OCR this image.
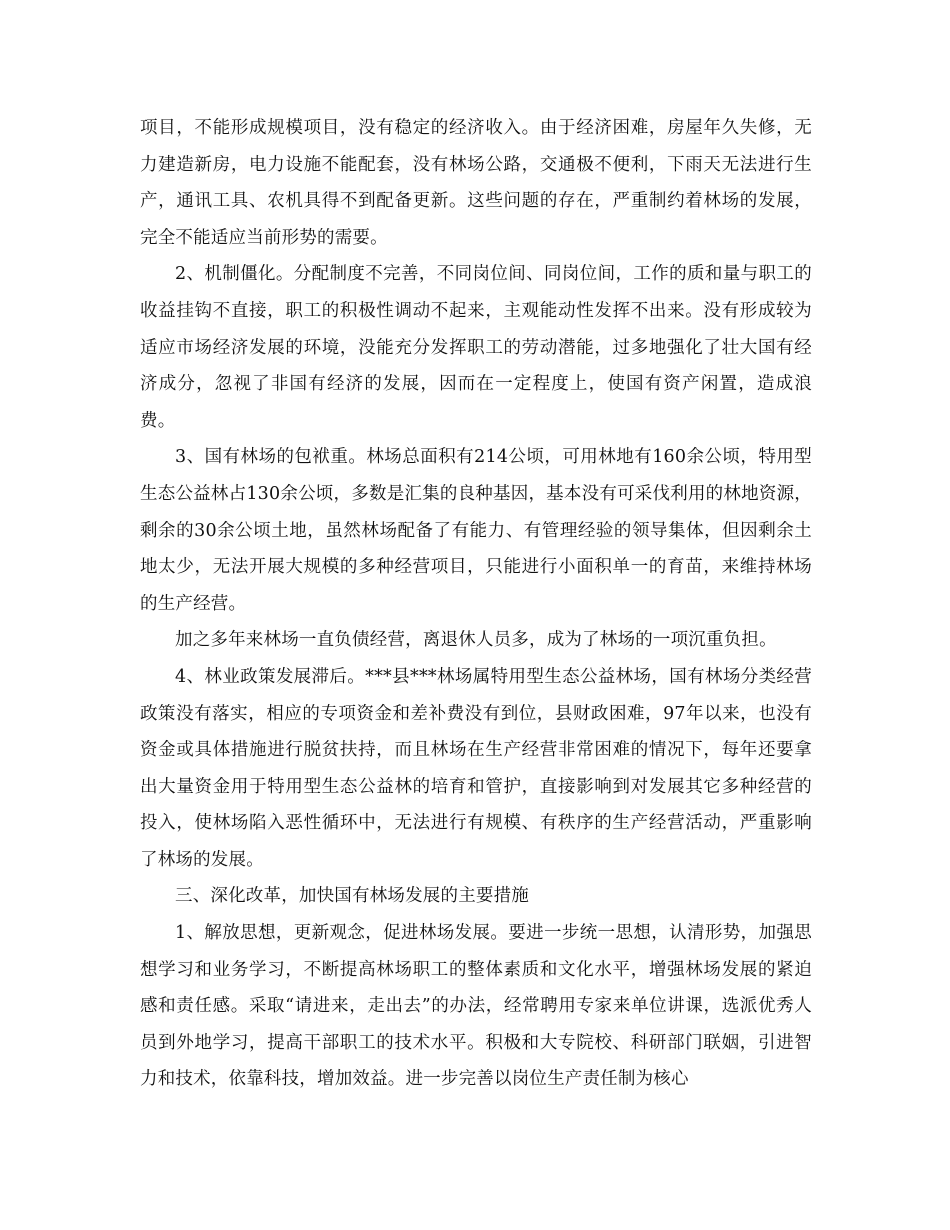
项目，不能形成规模项目，没有稳定的经济收入。由于经济困难，房屋年久失修，无力建造新房，电力设施不能配套，没有林场公路，交通极不便利，下雨天无法进行生产，通讯工具、农机具得不到配备更新。这些问题的存在，严重制约着林场的发展，完全不能适应当前形势的需要。

2、机制僵化。分配制度不完善，不同岗位间、同岗位间，工作的质和量与职工的收益挂钩不直接，职工的积极性调动不起来，主观能动性发挥不出来。没有形成较为适应市场经济发展的环境，没能充分发挥职工的劳动潜能，过多地强化了壮大国有经济成分，忽视了非国有经济的发展，因而在一定程度上，使国有资产闲置，造成浪费。

3、国有林场的包袱重。林场总面积有214公顷，可用林地有160余公顷，特用型生态公益林占130余公顷，多数是汇集的良种基因，基本没有可采伐利用的林地资源，剩余的30余公顷土地，虽然林场配备了有能力、有管理经验的领导集体，但因剩余土地太少，无法开展大规模的多种经营项目，只能进行小面积单一的育苗，来维持林场的生产经营。

加之多年来林场一直负债经营，离退休人员多，成为了林场的一项沉重负担。

4、林业政策发展滞后。***县***林场属特用型生态公益林场，国有林场分类经营政策没有落实，相应的专项资金和差补费没有到位，县财政困难，97年以来，也没有资金或具体措施进行脱贫扶持，而且林场在生产经营非常困难的情况下，每年还要拿出大量资金用于特用型生态公益林的培育和管护，直接影响到对发展其它多种经营的投入，使林场陷入恶性循环中，无法进行有规模、有秩序的生产经营活动，严重影响了林场的发展。

三、深化改革，加快国有林场发展的主要措施

1、解放思想，更新观念，促进林场发展。要进一步统一思想，认清形势，加强思想学习和业务学习，不断提高林场职工的整体素质和文化水平，增强林场发展的紧迫感和责任感。采取“请进来，走出去”的办法，经常聘用专家来单位讲课，选派优秀人员到外地学习，提高干部职工的技术水平。积极和大专院校、科研部门联姻，引进智力和技术，依靠科技，增加效益。进一步完善以岗位生产责任制为核心
